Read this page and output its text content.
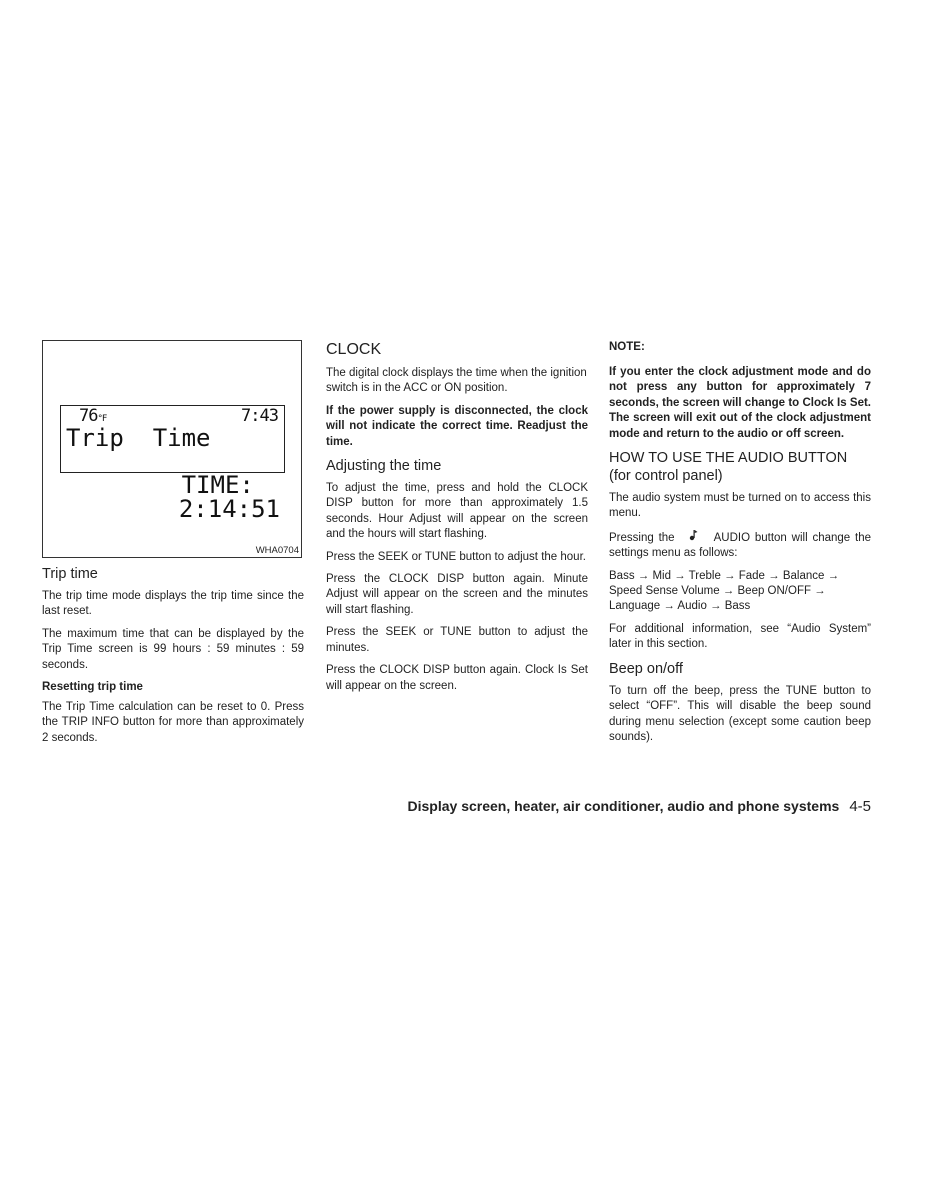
76°F	7:43
Trip  Time

TIME:

2:14:51

WHA0704
Trip time

The trip time mode displays the trip time since the last reset.

The maximum time that can be displayed by the Trip Time screen is 99 hours : 59 minutes : 59 seconds.

Resetting trip time

The Trip Time calculation can be reset to 0. Press the TRIP INFO button for more than approximately 2 seconds.

CLOCK

The digital clock displays the time when the ignition switch is in the ACC or ON position.

If the power supply is disconnected, the clock will not indicate the correct time. Readjust the time.

Adjusting the time

To adjust the time, press and hold the CLOCK DISP button for more than approximately 1.5 seconds. Hour Adjust will appear on the screen and the hours will start flashing.

Press the SEEK or TUNE button to adjust the hour.

Press the CLOCK DISP button again. Minute Adjust will appear on the screen and the minutes will start flashing.

Press the SEEK or TUNE button to adjust the minutes.

Press the CLOCK DISP button again. Clock Is Set will appear on the screen.

NOTE:

If you enter the clock adjustment mode and do not press any button for approximately 7 seconds, the screen will change to Clock Is Set. The screen will exit out of the clock adjustment mode and return to the audio or off screen.

HOW TO USE THE AUDIO BUTTON
(for control panel)

The audio system must be turned on to access this menu.

Pressing the	AUDIO button will change the settings menu as follows:

Bass → Mid → Treble → Fade → Balance → Speed Sense Volume → Beep ON/OFF → Language → Audio → Bass

For additional information, see “Audio System” later in this section.

Beep on/off

To turn off the beep, press the TUNE button to select “OFF”. This will disable the beep sound during menu selection (except some caution beep sounds).

Display screen, heater, air conditioner, audio and phone systems 4-5
